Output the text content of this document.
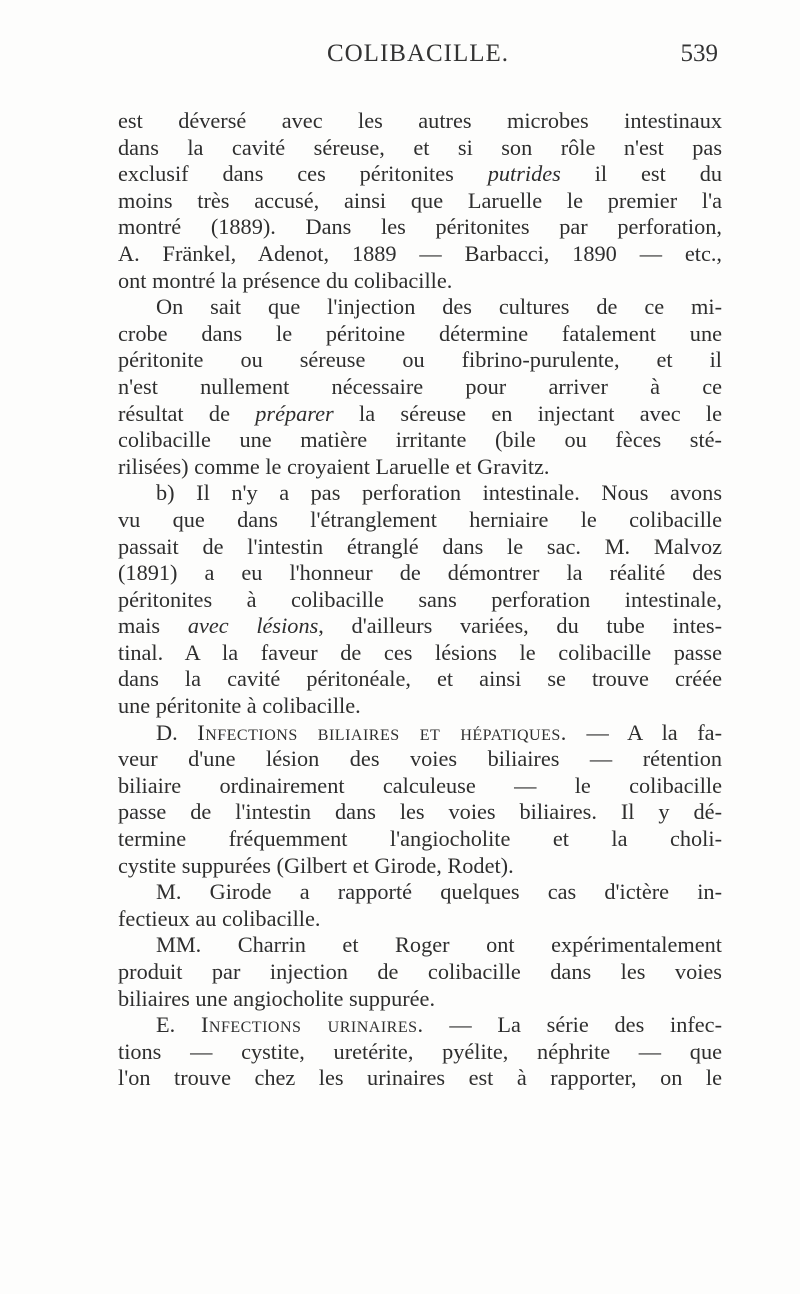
COLIBACILLE.	539
est déversé avec les autres microbes intestinaux
dans la cavité séreuse, et si son rôle n'est pas
exclusif dans ces péritonites putrides il est du
moins très accusé, ainsi que Laruelle le premier l'a
montré (1889). Dans les péritonites par perforation,
A. Fränkel, Adenot, 1889 — Barbacci, 1890 — etc.,
ont montré la présence du colibacille.
On sait que l'injection des cultures de ce mi-
crobe dans le péritoine détermine fatalement une
péritonite ou séreuse ou fibrino-purulente, et il
n'est nullement nécessaire pour arriver à ce
résultat de préparer la séreuse en injectant avec le
colibacille une matière irritante (bile ou fèces sté-
rilisées) comme le croyaient Laruelle et Gravitz.
b) Il n'y a pas perforation intestinale. Nous avons
vu que dans l'étranglement herniaire le colibacille
passait de l'intestin étranglé dans le sac. M. Malvoz
(1891) a eu l'honneur de démontrer la réalité des
péritonites à colibacille sans perforation intestinale,
mais avec lésions, d'ailleurs variées, du tube intes-
tinal. A la faveur de ces lésions le colibacille passe
dans la cavité péritonéale, et ainsi se trouve créée
une péritonite à colibacille.
D. Infections biliaires et hépatiques. — A la fa-
veur d'une lésion des voies biliaires — rétention
biliaire ordinairement calculeuse — le colibacille
passe de l'intestin dans les voies biliaires. Il y dé-
termine fréquemment l'angiocholite et la choli-
cystite suppurées (Gilbert et Girode, Rodet).
M. Girode a rapporté quelques cas d'ictère in-
fectieux au colibacille.
MM. Charrin et Roger ont expérimentalement
produit par injection de colibacille dans les voies
biliaires une angiocholite suppurée.
E. Infections urinaires. — La série des infec-
tions — cystite, uretérite, pyélite, néphrite — que
l'on trouve chez les urinaires est à rapporter, on le
